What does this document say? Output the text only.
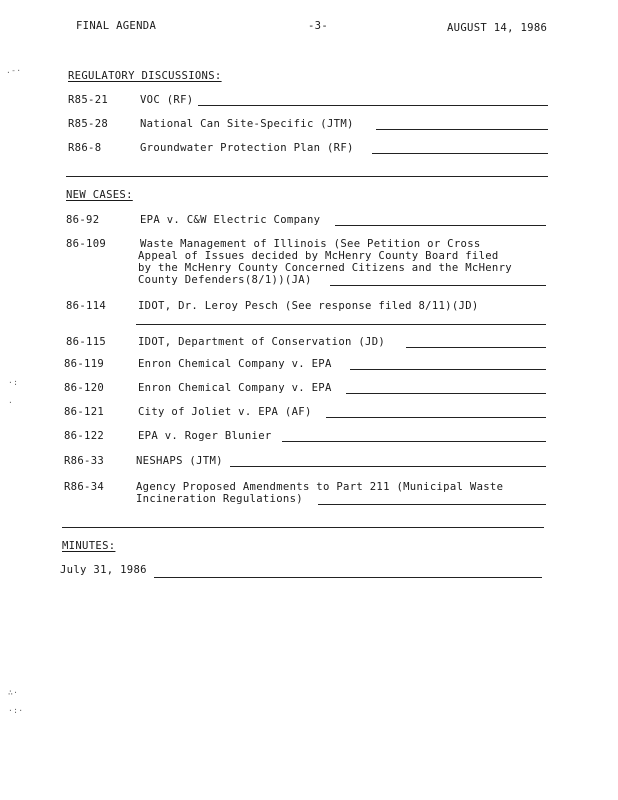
FINAL AGENDA	-3-	AUGUST 14, 1986
.-·
·:
·
∴·
·:·
REGULATORY DISCUSSIONS:
R85-21	VOC (RF)
R85-28	National Can Site-Specific (JTM)
R86-8	Groundwater Protection Plan (RF)
NEW CASES:
86-92	EPA v. C&W Electric Company
86-109	Waste Management of Illinois (See Petition or Cross
Appeal of Issues decided by McHenry County Board filed
by the McHenry County Concerned Citizens and the McHenry
County Defenders(8/1))(JA)
86-114	IDOT, Dr. Leroy Pesch (See response filed 8/11)(JD)
86-115	IDOT, Department of Conservation (JD)
86-119	Enron Chemical Company v. EPA
86-120	Enron Chemical Company v. EPA
86-121	City of Joliet v. EPA (AF)
86-122	EPA v. Roger Blunier
R86-33	NESHAPS (JTM)
R86-34	Agency Proposed Amendments to Part 211 (Municipal Waste
Incineration Regulations)
MINUTES:
July 31, 1986
